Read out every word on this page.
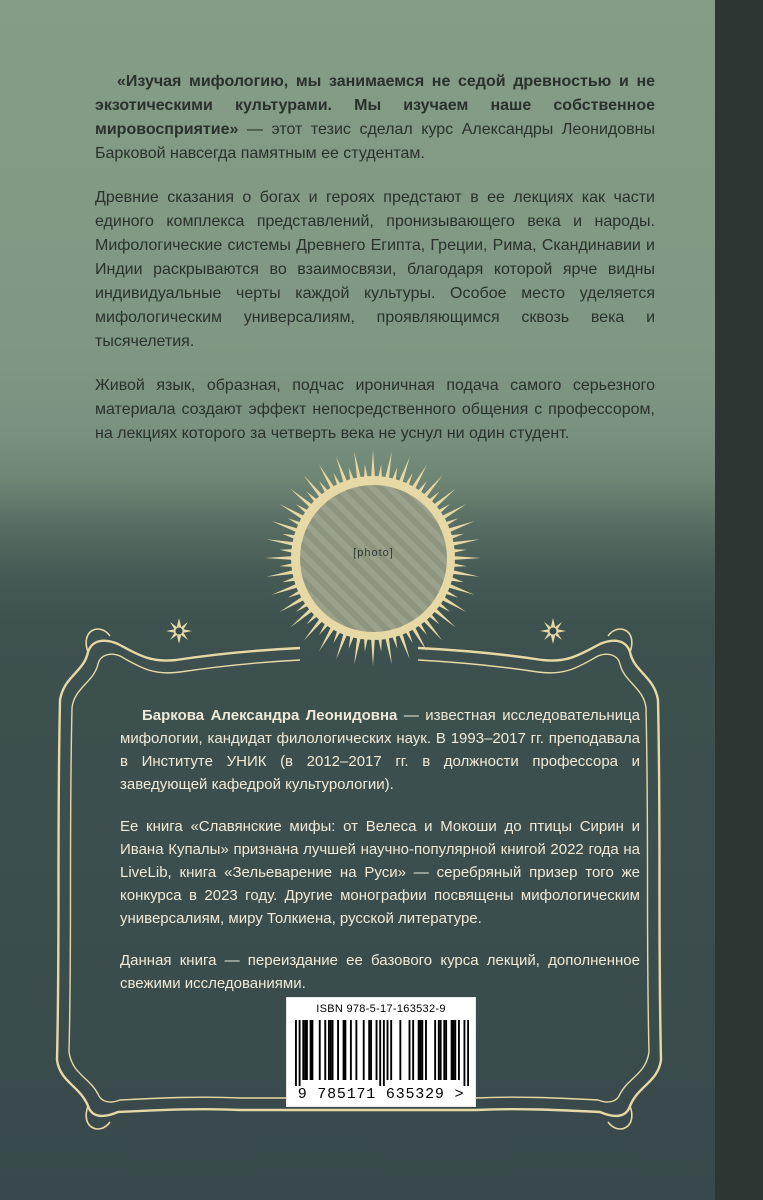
«Изучая мифологию, мы занимаемся не седой древностью и не экзотическими культурами. Мы изучаем наше собственное мировосприятие» — этот тезис сделал курс Александры Леонидовны Барковой навсегда памятным ее студентам.

Древние сказания о богах и героях предстают в ее лекциях как части единого комплекса представлений, пронизывающего века и народы. Мифологические системы Древнего Египта, Греции, Рима, Скандинавии и Индии раскрываются во взаимосвязи, благодаря которой ярче видны индивидуальные черты каждой культуры. Особое место уделяется мифологическим универсалиям, проявляющимся сквозь века и тысячелетия.

Живой язык, образная, подчас ироничная подача самого серьезного материала создают эффект непосредственного общения с профессором, на лекциях которого за четверть века не уснул ни один студент.

[photo]

Баркова Александра Леонидовна — известная исследовательница мифологии, кандидат филологических наук. В 1993–2017 гг. преподавала в Институте УНИК (в 2012–2017 гг. в должности профессора и заведующей кафедрой культурологии).

Ее книга «Славянские мифы: от Велеса и Мокоши до птицы Сирин и Ивана Купалы» признана лучшей научно-популярной книгой 2022 года на LiveLib, книга «Зельеварение на Руси» — серебряный призер того же конкурса в 2023 году. Другие монографии посвящены мифологическим универсалиям, миру Толкиена, русской литературе.

Данная книга — переиздание ее базового курса лекций, дополненное свежими исследованиями.

ISBN 978-5-17-163532-9
9 785171 635329 >
